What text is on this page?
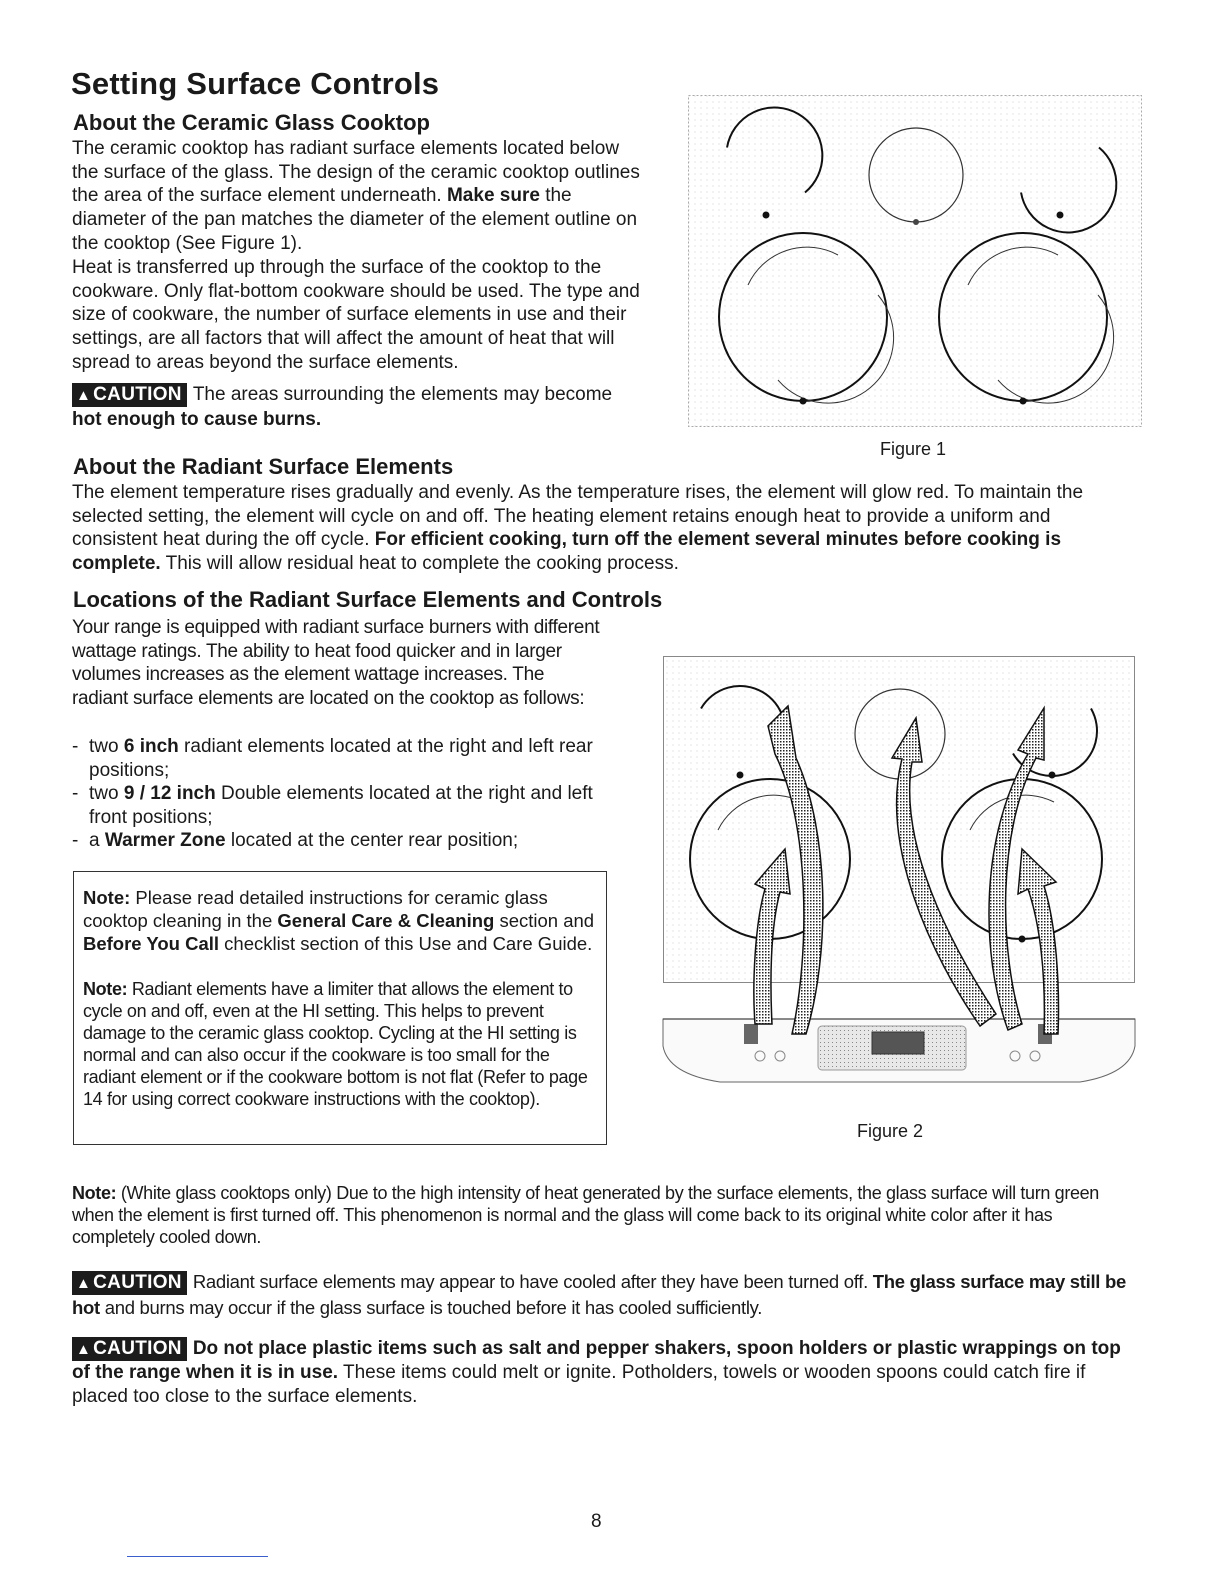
Setting Surface Controls
About the Ceramic Glass Cooktop

The ceramic cooktop has radiant surface elements located below the surface of the glass. The design of the ceramic cooktop outlines the area of the surface element underneath. Make sure the diameter of the pan matches the diameter of the element outline on the cooktop (See Figure 1).

Heat is transferred up through the surface of the cooktop to the cookware. Only flat-bottom cookware should be used. The type and size of cookware, the number of surface elements in use and their settings, are all factors that will affect the amount of heat that will spread to areas beyond the surface elements.

▲ CAUTION The areas surrounding the elements may become
hot enough to cause burns.
Figure 1
About the Radiant Surface Elements

The element temperature rises gradually and evenly. As the temperature rises, the element will glow red. To maintain the selected setting, the element will cycle on and off. The heating element retains enough heat to provide a uniform and consistent heat during the off cycle. For efficient cooking, turn off the element several minutes before cooking is complete. This will allow residual heat to complete the cooking process.

Locations of the Radiant Surface Elements and Controls

Your range is equipped with radiant surface burners with different wattage ratings. The ability to heat food quicker and in larger volumes increases as the element wattage increases. The radiant surface elements are located on the cooktop as follows:

- two 6 inch radiant elements located at the right and left rear positions;
- two 9 / 12 inch Double elements located at the right and left front positions;
- a Warmer Zone located at the center rear position;

Note: Please read detailed instructions for ceramic glass cooktop cleaning in the General Care & Cleaning section and Before You Call checklist section of this Use and Care Guide.

Note: Radiant elements have a limiter that allows the element to cycle on and off, even at the HI setting. This helps to prevent damage to the ceramic glass cooktop. Cycling at the HI setting is normal and can also occur if the cookware is too small for the radiant element or if the cookware bottom is not flat (Refer to page 14 for using correct cookware instructions with the cooktop).

Figure 2

Note: (White glass cooktops only) Due to the high intensity of heat generated by the surface elements, the glass surface will turn green when the element is first turned off. This phenomenon is normal and the glass will come back to its original white color after it has completely cooled down.

▲ CAUTION Radiant surface elements may appear to have cooled after they have been turned off. The glass surface may still be hot and burns may occur if the glass surface is touched before it has cooled sufficiently.
▲ CAUTION Do not place plastic items such as salt and pepper shakers, spoon holders or plastic wrappings on top of the range when it is in use. These items could melt or ignite. Potholders, towels or wooden spoons could catch fire if placed too close to the surface elements.
8
